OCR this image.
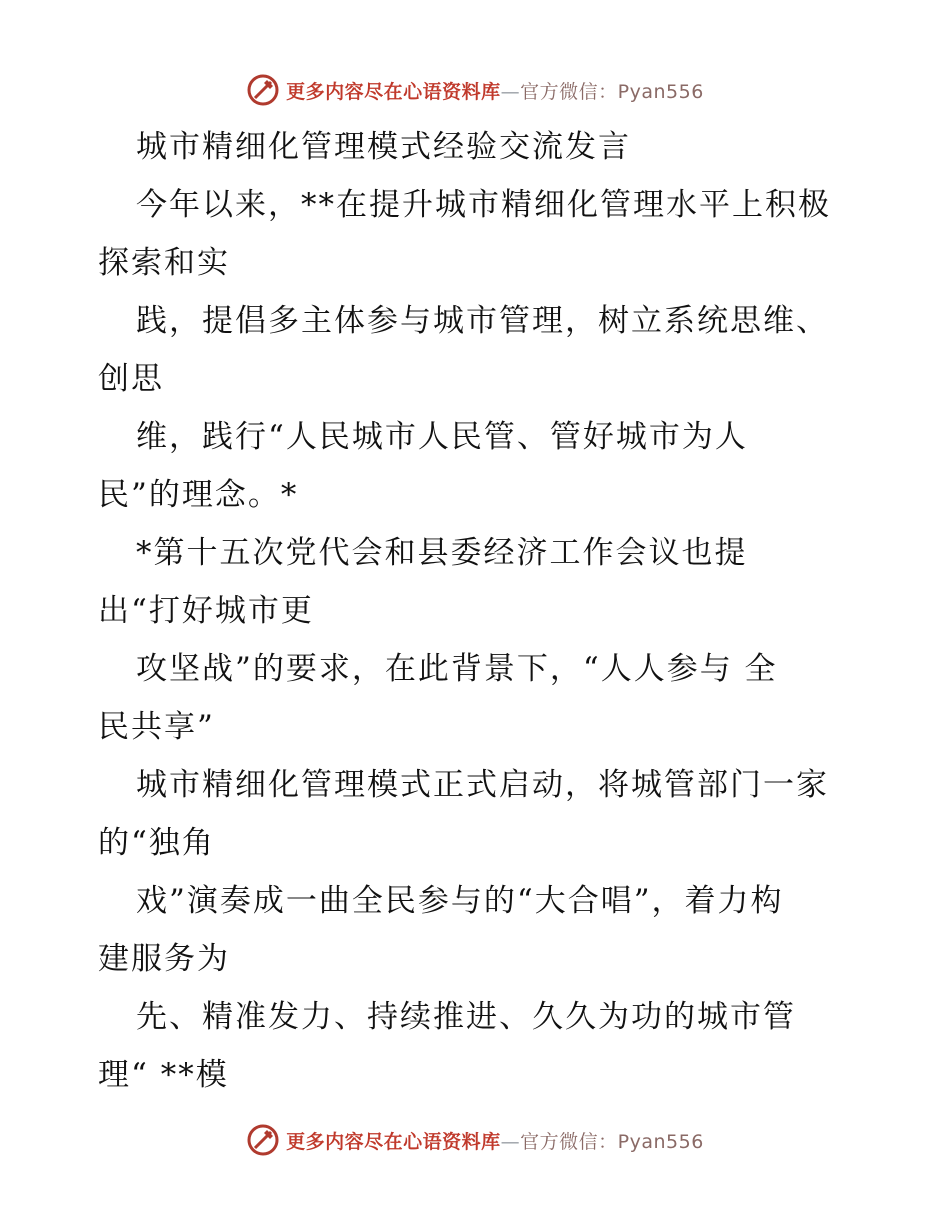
更多内容尽在心语资料库—官方微信：Pyan556
城市精细化管理模式经验交流发言
今年以来，**在提升城市精细化管理水平上积极
探索和实
践，提倡多主体参与城市管理，树立系统思维、
创思
维，践行“人民城市人民管、管好城市为人
民”的理念。*
*第十五次党代会和县委经济工作会议也提
出“打好城市更
攻坚战”的要求，在此背景下，“人人参与 全
民共享”
城市精细化管理模式正式启动，将城管部门一家
的“独角
戏”演奏成一曲全民参与的“大合唱”，着力构
建服务为
先、精准发力、持续推进、久久为功的城市管
理“ **模
更多内容尽在心语资料库—官方微信：Pyan556
